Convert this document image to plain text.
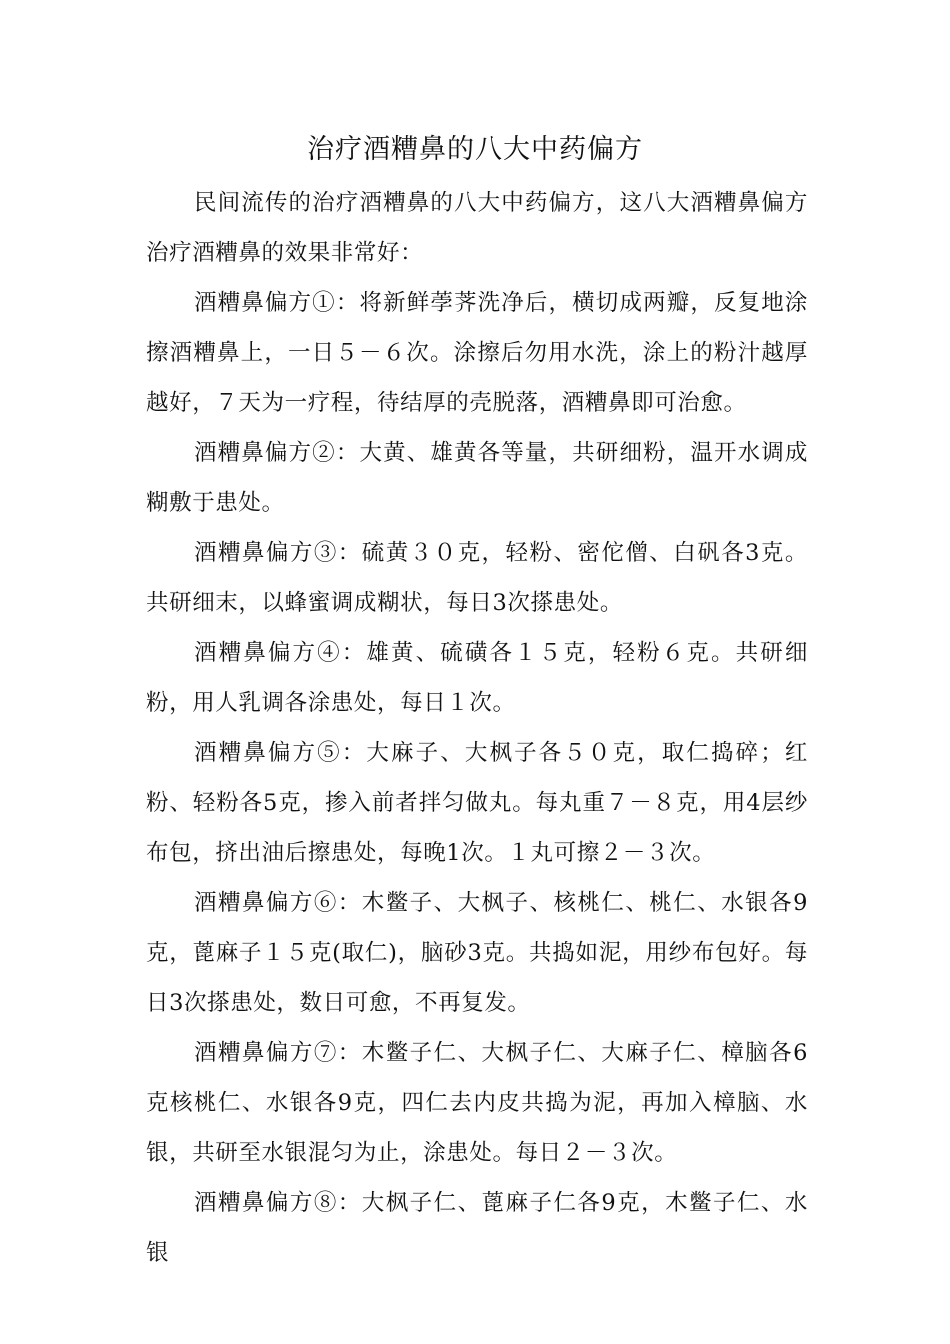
治疗酒糟鼻的八大中药偏方

民间流传的治疗酒糟鼻的八大中药偏方，这八大酒糟鼻偏方治疗酒糟鼻的效果非常好：

酒糟鼻偏方①：将新鲜荸荠洗净后，横切成两瓣，反复地涂擦酒糟鼻上，一日５－６次。涂擦后勿用水洗，涂上的粉汁越厚越好，７天为一疗程，待结厚的壳脱落，酒糟鼻即可治愈。

酒糟鼻偏方②：大黄、雄黄各等量，共研细粉，温开水调成糊敷于患处。

酒糟鼻偏方③：硫黄３０克，轻粉、密佗僧、白矾各3克。共研细末，以蜂蜜调成糊状，每日3次搽患处。

酒糟鼻偏方④：雄黄、硫磺各１５克，轻粉６克。共研细粉，用人乳调各涂患处，每日１次。

酒糟鼻偏方⑤：大麻子、大枫子各５０克，取仁捣碎；红粉、轻粉各5克，掺入前者拌匀做丸。每丸重７－８克，用4层纱布包，挤出油后擦患处，每晚1次。１丸可擦２－３次。

酒糟鼻偏方⑥：木鳖子、大枫子、核桃仁、桃仁、水银各9克，蓖麻子１５克(取仁)，脑砂3克。共捣如泥，用纱布包好。每日3次搽患处，数日可愈，不再复发。

酒糟鼻偏方⑦：木鳖子仁、大枫子仁、大麻子仁、樟脑各6克核桃仁、水银各9克，四仁去内皮共捣为泥，再加入樟脑、水银，共研至水银混匀为止，涂患处。每日２－３次。

酒糟鼻偏方⑧：大枫子仁、蓖麻子仁各9克，木鳖子仁、水银
